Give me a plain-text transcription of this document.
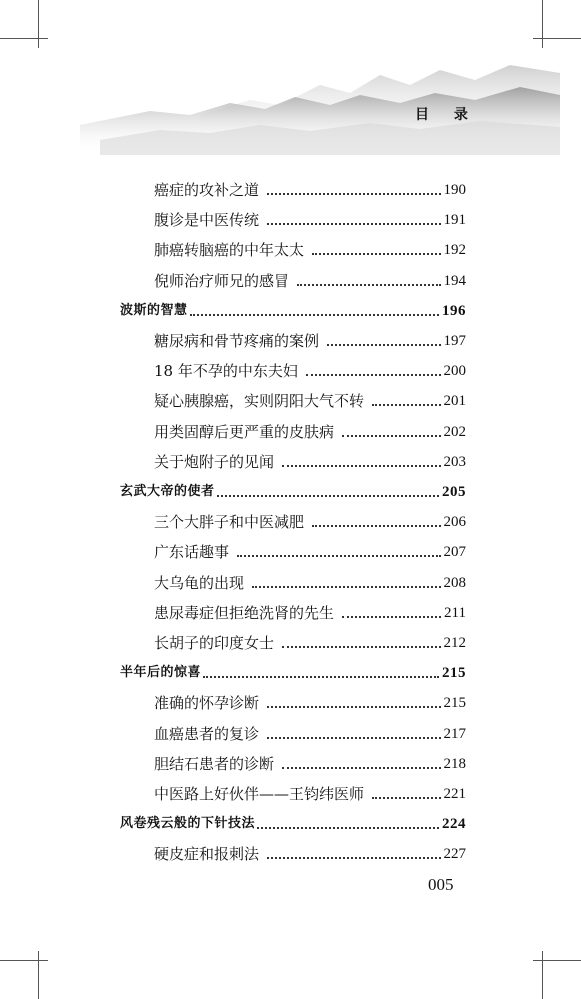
目 录
癌症的攻补之道	190
腹诊是中医传统	191
肺癌转脑癌的中年太太	192
倪师治疗师兄的感冒	194
波斯的智慧	196
糖尿病和骨节疼痛的案例	197
18 年不孕的中东夫妇	200
疑心胰腺癌，实则阴阳大气不转	201
用类固醇后更严重的皮肤病	202
关于炮附子的见闻	203
玄武大帝的使者	205
三个大胖子和中医减肥	206
广东话趣事	207
大乌龟的出现	208
患尿毒症但拒绝洗肾的先生	211
长胡子的印度女士	212
半年后的惊喜	215
准确的怀孕诊断	215
血癌患者的复诊	217
胆结石患者的诊断	218
中医路上好伙伴——王钧纬医师	221
风卷残云般的下针技法	224
硬皮症和报刺法	227
005
